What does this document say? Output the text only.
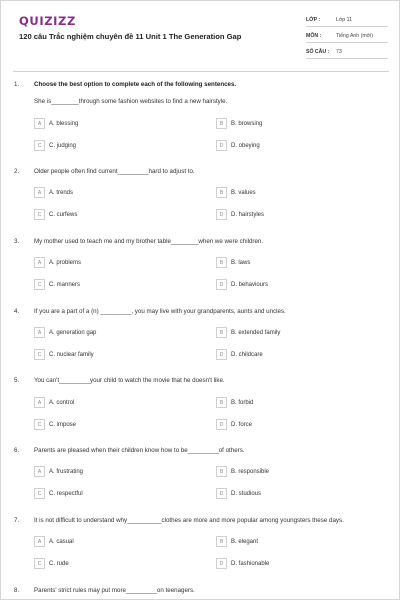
QUIZIZZ
120 câu Trắc nghiệm chuyên đề 11 Unit 1 The Generation Gap
LỚP :	Lớp 11
MÔN :	Tiếng Anh (mới)
SỐ CÂU :	73
1. Choose the best option to complete each of the following sentences.
She is________through some fashion websites to find a new hairstyle.
A	A. blessing	B	B. browsing
C	C. judging	D	D. obeying
2. Older people often find current_________hard to adjust to.
A	A. trends	B	B. values
C	C. curfews	D	D. hairstyles
3. My mother used to teach me and my brother table________when we were children.
A	A. problems	B	B. laws
C	C. manners	D	D. behaviours
4. If you are a part of a (n) _________, you may live with your grandparents, aunts and uncles.
A	A. generation gap	B	B. extended family
C	C. nuclear family	D	D. childcare
5. You can't_________your child to watch the movie that he doesn't like.
A	A. control	B	B. forbid
C	C. impose	D	D. force
6. Parents are pleased when their children know how to be_________of others.
A	A. frustrating	B	B. responsible
C	C. respectful	D	D. studious
7. It is not difficult to understand why__________clothes are more and more popular among youngsters these days.
A	A. casual	B	B. elegant
C	C. rude	D	D. fashionable
8. Parents' strict rules may put more_________on teenagers.
